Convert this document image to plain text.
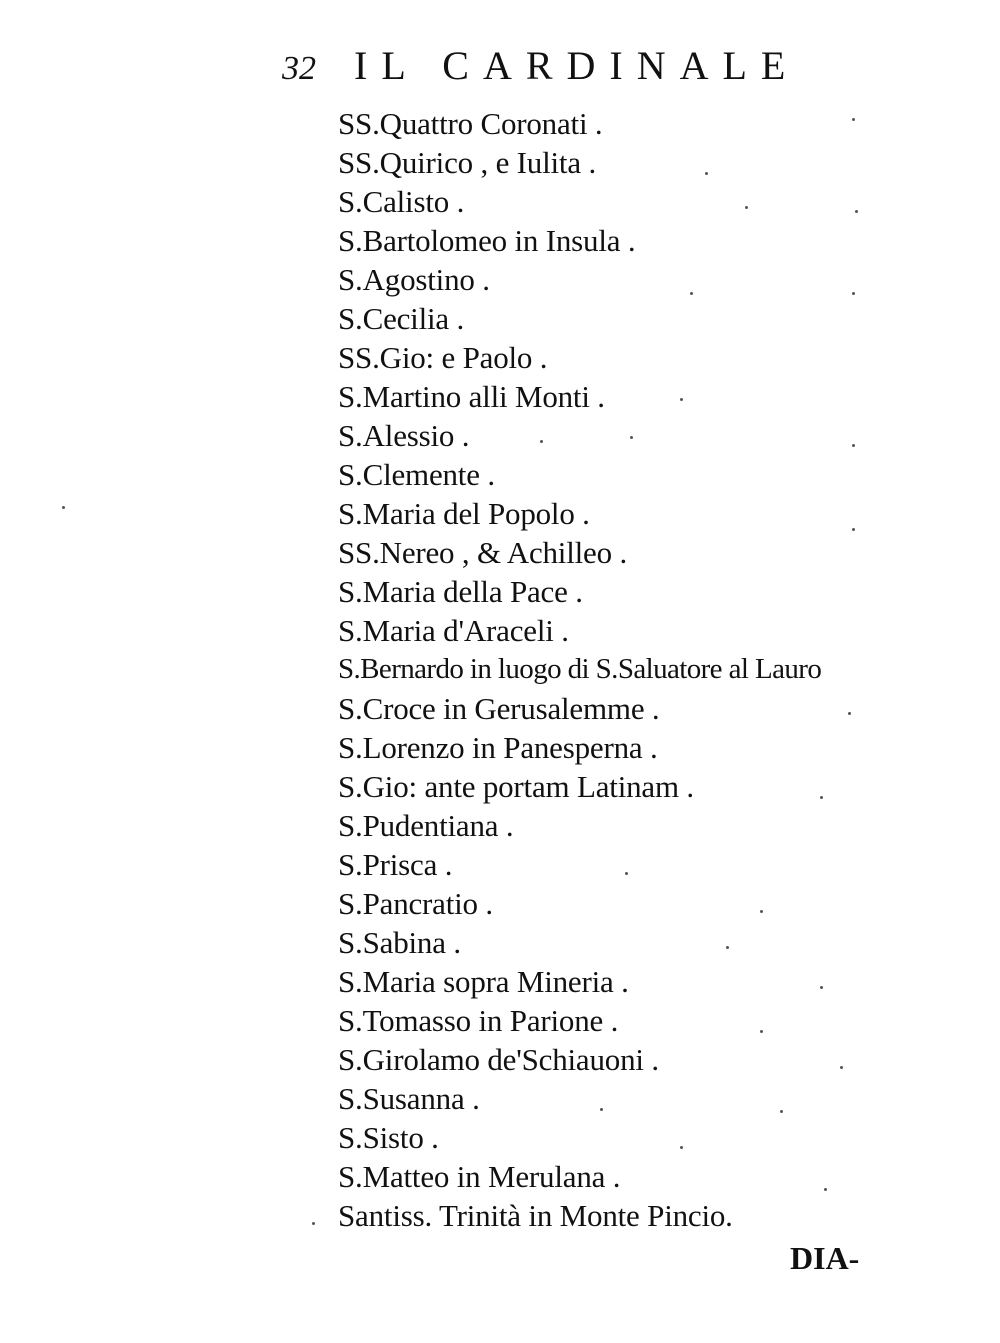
32 IL CARDINALE
SS.Quattro Coronati .
SS.Quirico , e Iulita .
S.Calisto .
S.Bartolomeo in Insula .
S.Agostino .
S.Cecilia .
SS.Gio: e Paolo .
S.Martino alli Monti .
S.Alessio .
S.Clemente .
S.Maria del Popolo .
SS.Nereo , & Achilleo .
S.Maria della Pace .
S.Maria d'Araceli .
S.Bernardo in luogo di S.Saluatore al Lauro
S.Croce in Gerusalemme .
S.Lorenzo in Panesperna .
S.Gio: ante portam Latinam .
S.Pudentiana .
S.Prisca .
S.Pancratio .
S.Sabina .
S.Maria sopra Mineria .
S.Tomasso in Parione .
S.Girolamo de'Schiauoni .
S.Susanna .
S.Sisto .
S.Matteo in Merulana .
Santiss. Trinità in Monte Pincio.
DIA-
